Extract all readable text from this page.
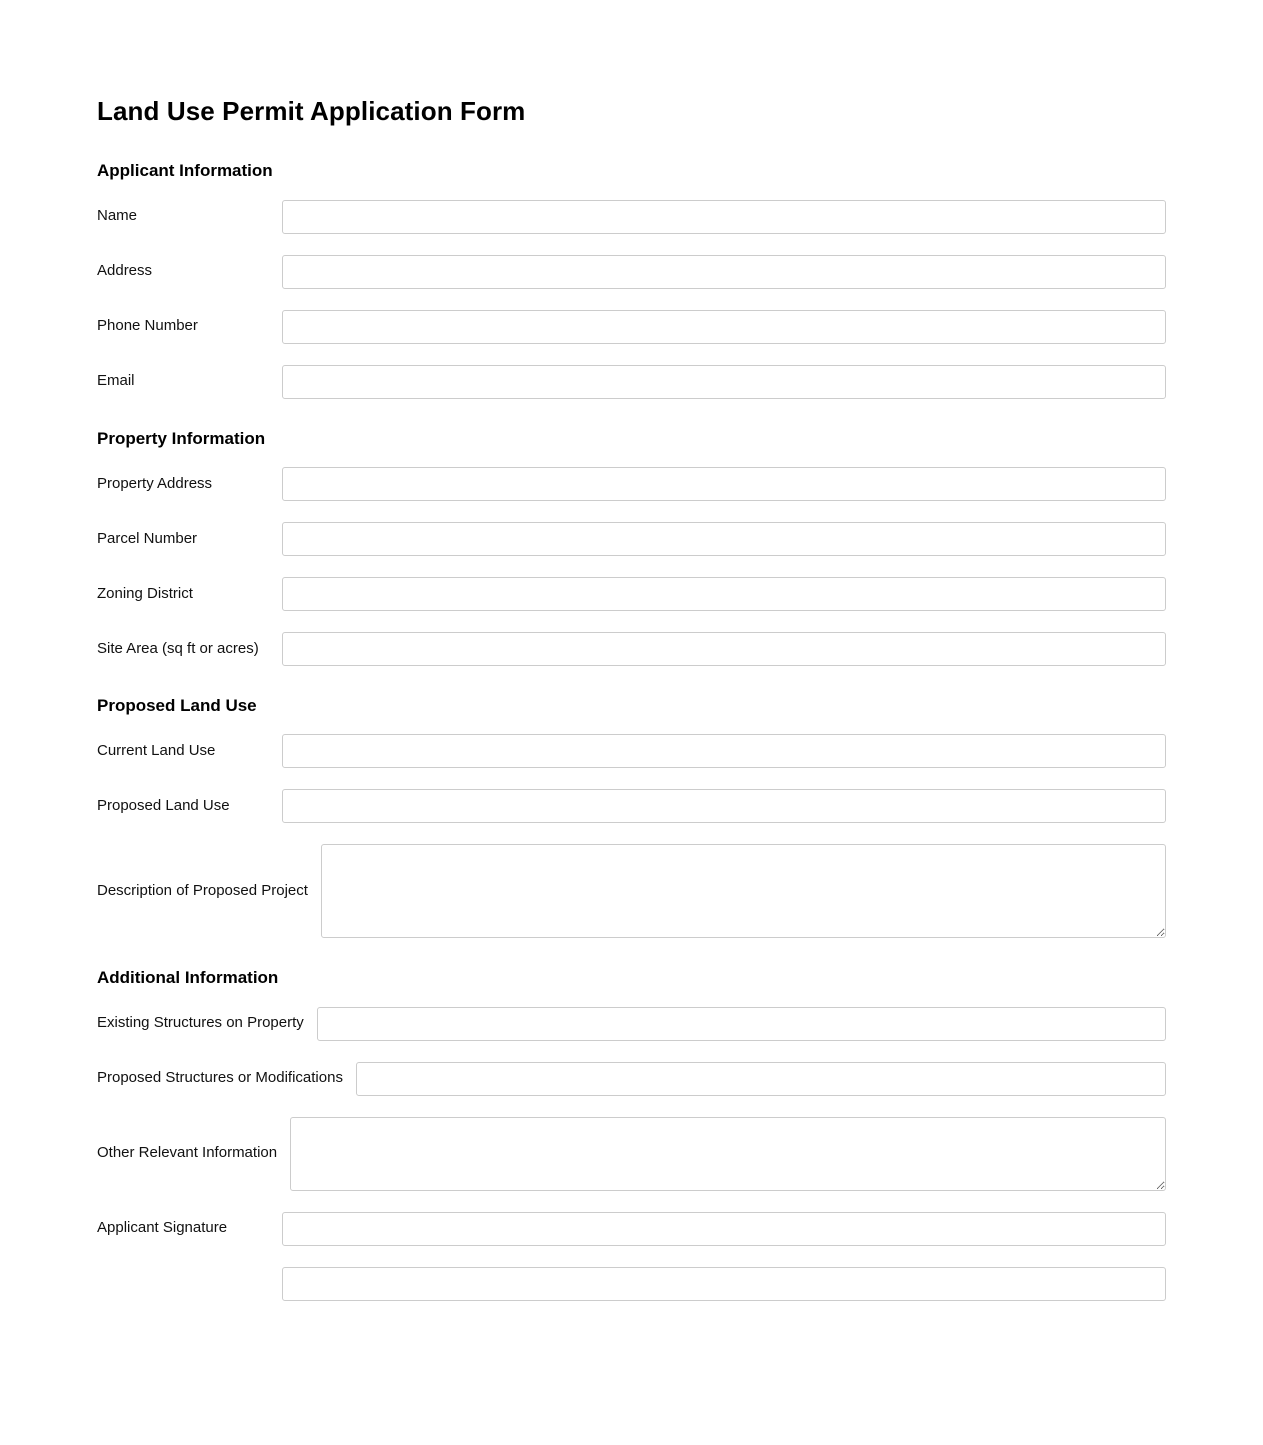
Land Use Permit Application Form
Applicant Information
Name
Address
Phone Number
Email
Property Information
Property Address
Parcel Number
Zoning District
Site Area (sq ft or acres)
Proposed Land Use
Current Land Use
Proposed Land Use
Description of Proposed Project
Additional Information
Existing Structures on Property
Proposed Structures or Modifications
Other Relevant Information
Applicant Signature
